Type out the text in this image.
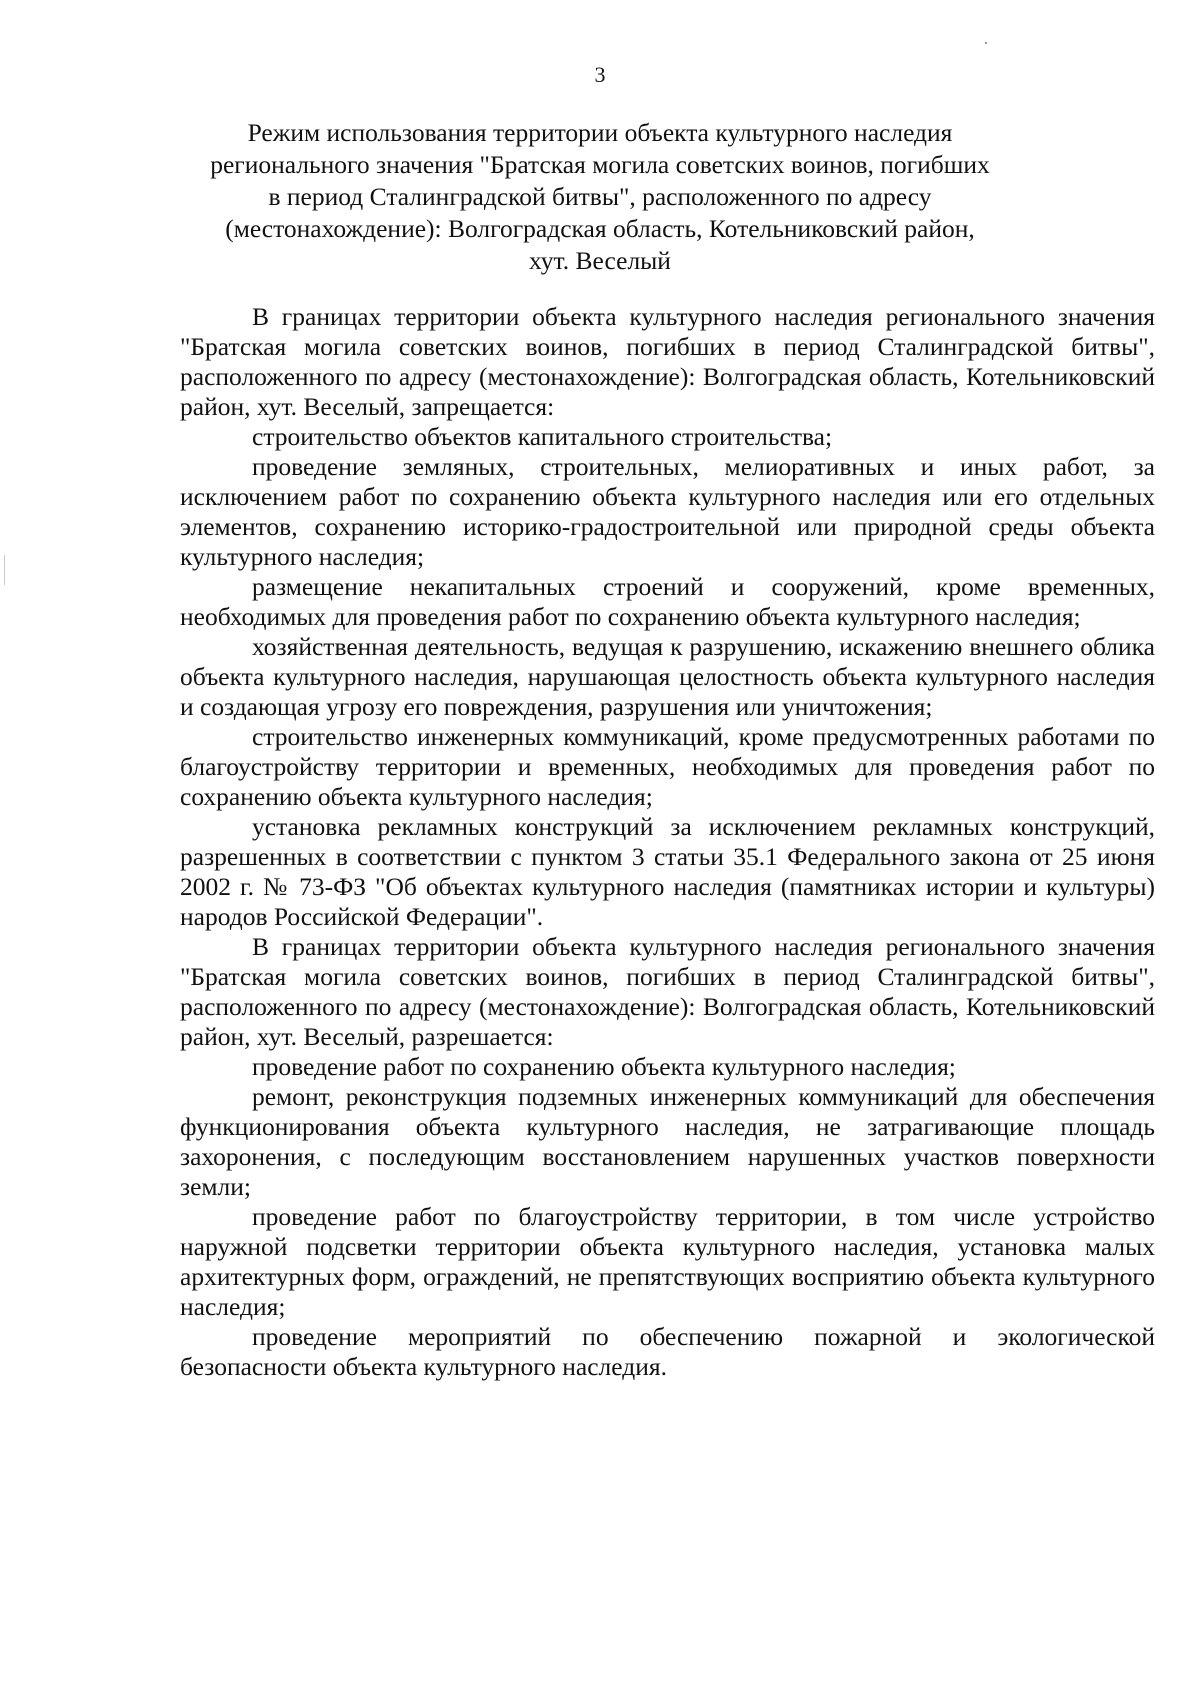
3
Режим использования территории объекта культурного наследия
регионального значения "Братская могила советских воинов, погибших
в период Сталинградской битвы", расположенного по адресу
(местонахождение): Волгоградская область, Котельниковский район,
хут. Веселый

В границах территории объекта культурного наследия регионального значения "Братская могила советских воинов, погибших в период Сталинградской битвы", расположенного по адресу (местонахождение): Волгоградская область, Котельниковский район, хут. Веселый, запрещается:

строительство объектов капитального строительства;

проведение земляных, строительных, мелиоративных и иных работ, за исключением работ по сохранению объекта культурного наследия или его отдельных элементов, сохранению историко-градостроительной или природной среды объекта культурного наследия;

размещение некапитальных строений и сооружений, кроме временных, необходимых для проведения работ по сохранению объекта культурного наследия;

хозяйственная деятельность, ведущая к разрушению, искажению внешнего облика объекта культурного наследия, нарушающая целостность объекта культурного наследия и создающая угрозу его повреждения, разрушения или уничтожения;

строительство инженерных коммуникаций, кроме предусмотренных работами по благоустройству территории и временных, необходимых для проведения работ по сохранению объекта культурного наследия;

установка рекламных конструкций за исключением рекламных конструкций, разрешенных в соответствии с пунктом 3 статьи 35.1 Федерального закона от 25 июня 2002 г. № 73-ФЗ "Об объектах культурного наследия (памятниках истории и культуры) народов Российской Федерации".

В границах территории объекта культурного наследия регионального значения "Братская могила советских воинов, погибших в период Сталинградской битвы", расположенного по адресу (местонахождение): Волгоградская область, Котельниковский район, хут. Веселый, разрешается:

проведение работ по сохранению объекта культурного наследия;

ремонт, реконструкция подземных инженерных коммуникаций для обеспечения функционирования объекта культурного наследия, не затрагивающие площадь захоронения, с последующим восстановлением нарушенных участков поверхности земли;

проведение работ по благоустройству территории, в том числе устройство наружной подсветки территории объекта культурного наследия, установка малых архитектурных форм, ограждений, не препятствующих восприятию объекта культурного наследия;

проведение мероприятий по обеспечению пожарной и экологической безопасности объекта культурного наследия.
